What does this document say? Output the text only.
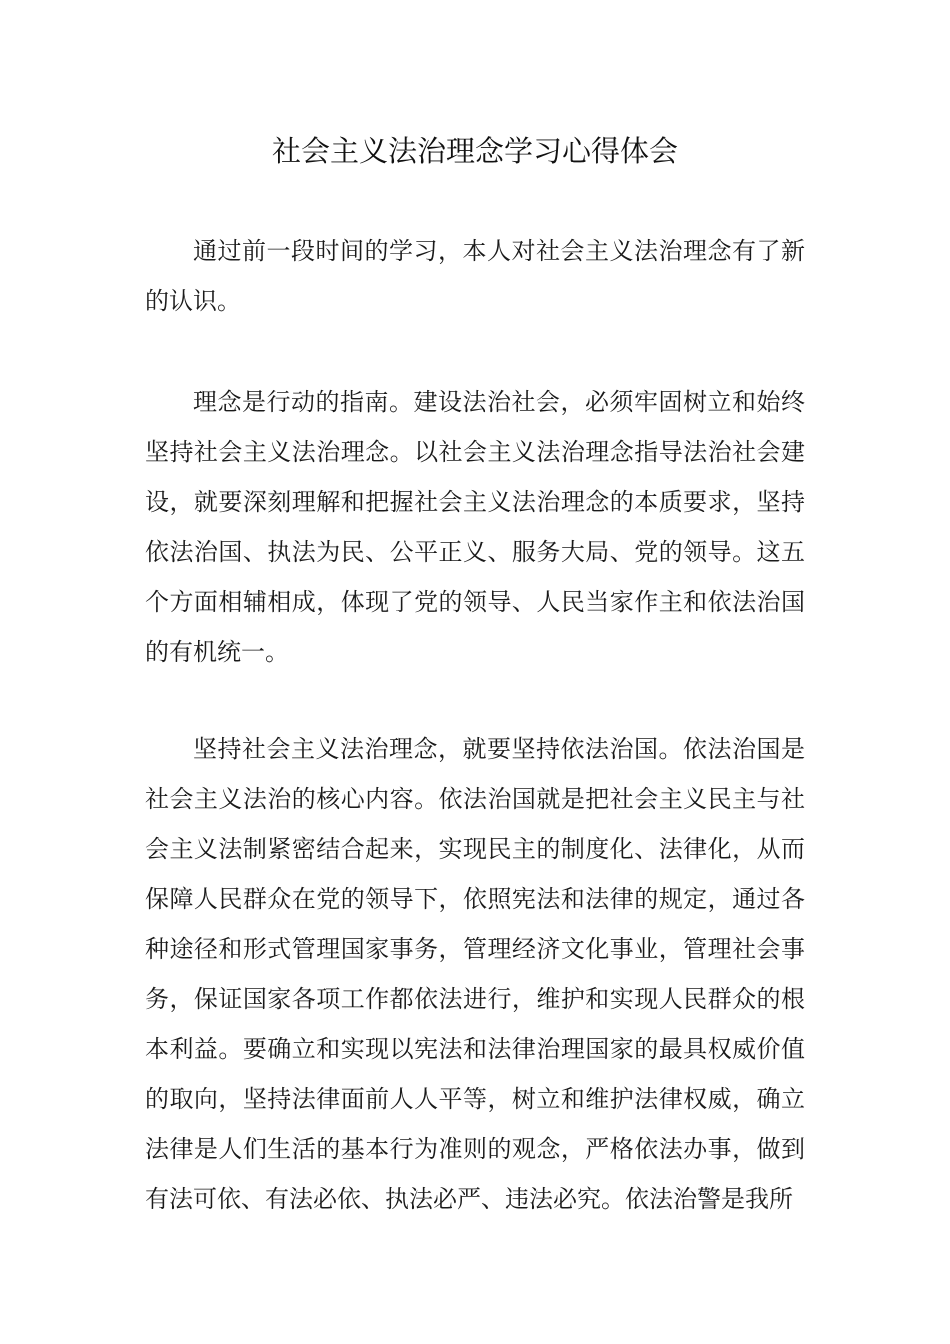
社会主义法治理念学习心得体会

通过前一段时间的学习，本人对社会主义法治理念有了新的认识。

理念是行动的指南。建设法治社会，必须牢固树立和始终坚持社会主义法治理念。以社会主义法治理念指导法治社会建设，就要深刻理解和把握社会主义法治理念的本质要求，坚持依法治国、执法为民、公平正义、服务大局、党的领导。这五个方面相辅相成，体现了党的领导、人民当家作主和依法治国的有机统一。

坚持社会主义法治理念，就要坚持依法治国。依法治国是社会主义法治的核心内容。依法治国就是把社会主义民主与社会主义法制紧密结合起来，实现民主的制度化、法律化，从而保障人民群众在党的领导下，依照宪法和法律的规定，通过各种途径和形式管理国家事务，管理经济文化事业，管理社会事务，保证国家各项工作都依法进行，维护和实现人民群众的根本利益。要确立和实现以宪法和法律治理国家的最具权威价值的取向，坚持法律面前人人平等，树立和维护法律权威，确立法律是人们生活的基本行为准则的观念，严格依法办事，做到有法可依、有法必依、执法必严、违法必究。依法治警是我所
